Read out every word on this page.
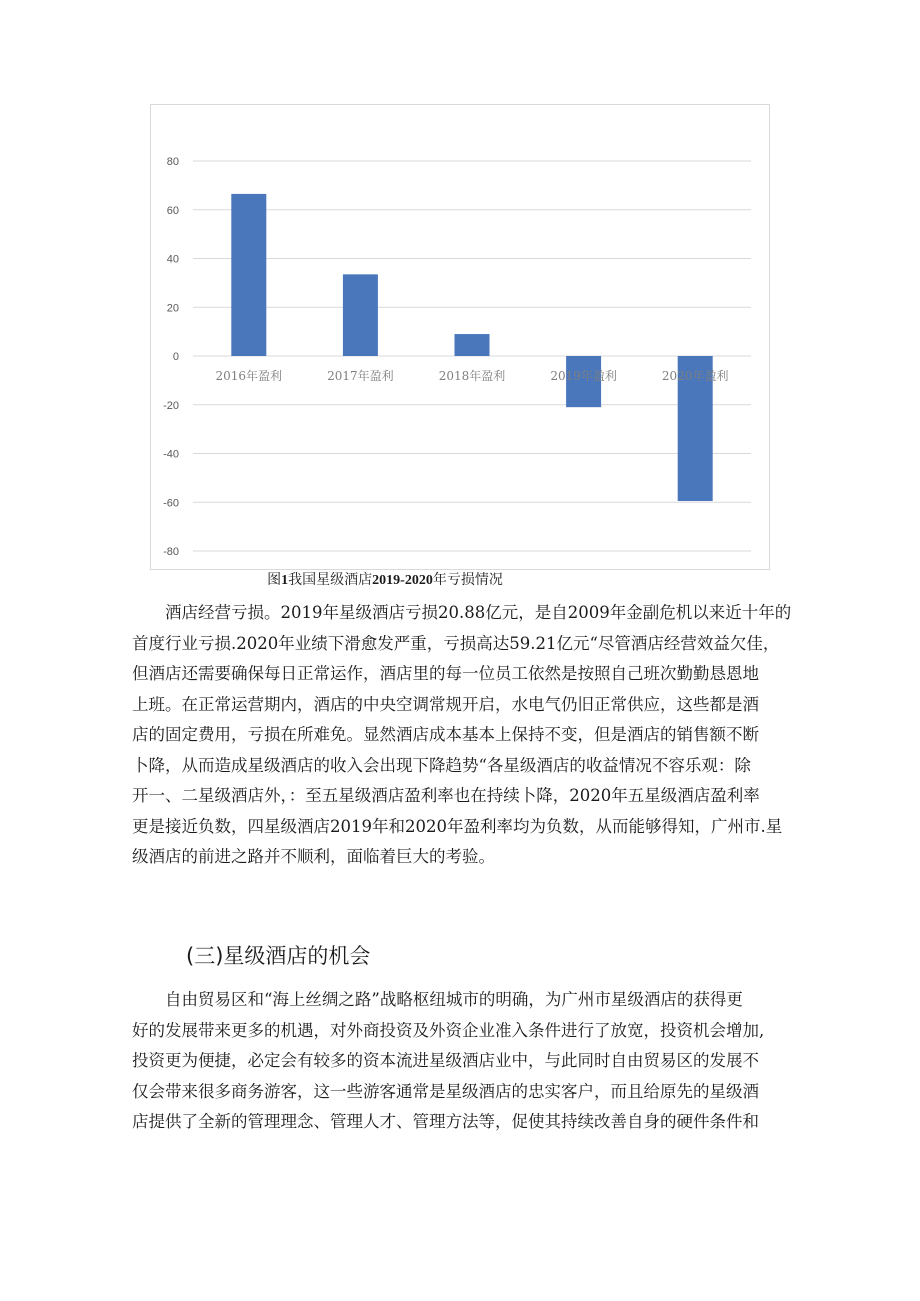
80
60
40
20
0
-20
-40
-60
-80
2016年盈利	2017年盈利	2018年盈利	2019年盈利	2020年盈利
图1我国星级酒店2019-2020年亏损情况
酒店经营亏损。2019年星级酒店亏损20.88亿元，是自2009年金副危机以来近十年的
首度行业亏损.2020年业绩下滑愈发严重，亏损高达59.21亿元“尽管酒店经营效益欠佳，
但酒店还需要确保每日正常运作，酒店里的每一位员工依然是按照自己班次勤勤恳恩地
上班。在正常运营期内，酒店的中央空调常规开启，水电气仍旧正常供应，这些都是酒
店的固定费用，亏损在所难免。显然酒店成本基本上保持不变，但是酒店的销售额不断
卜降，从而造成星级酒店的收入会出现下降趋势“各星级酒店的收益情况不容乐观：除
开一、二星级酒店外，：至五星级酒店盈利率也在持续卜降，2020年五星级酒店盈利率
更是接近负数，四星级酒店2019年和2020年盈利率均为负数，从而能够得知，广州市.星
级酒店的前进之路并不顺利，面临着巨大的考验。
(三)星级酒店的机会
自由贸易区和“海上丝绸之路”战略枢纽城市的明确，为广州市星级酒店的获得更
好的发展带来更多的机遇，对外商投资及外资企业准入条件进行了放宽，投资机会增加,
投资更为便捷，必定会有较多的资本流进星级酒店业中，与此同时自由贸易区的发展不
仅会带来很多商务游客，这一些游客通常是星级酒店的忠实客户，而且给原先的星级酒
店提供了全新的管理理念、管理人才、管理方法等，促使其持续改善自身的硬件条件和
